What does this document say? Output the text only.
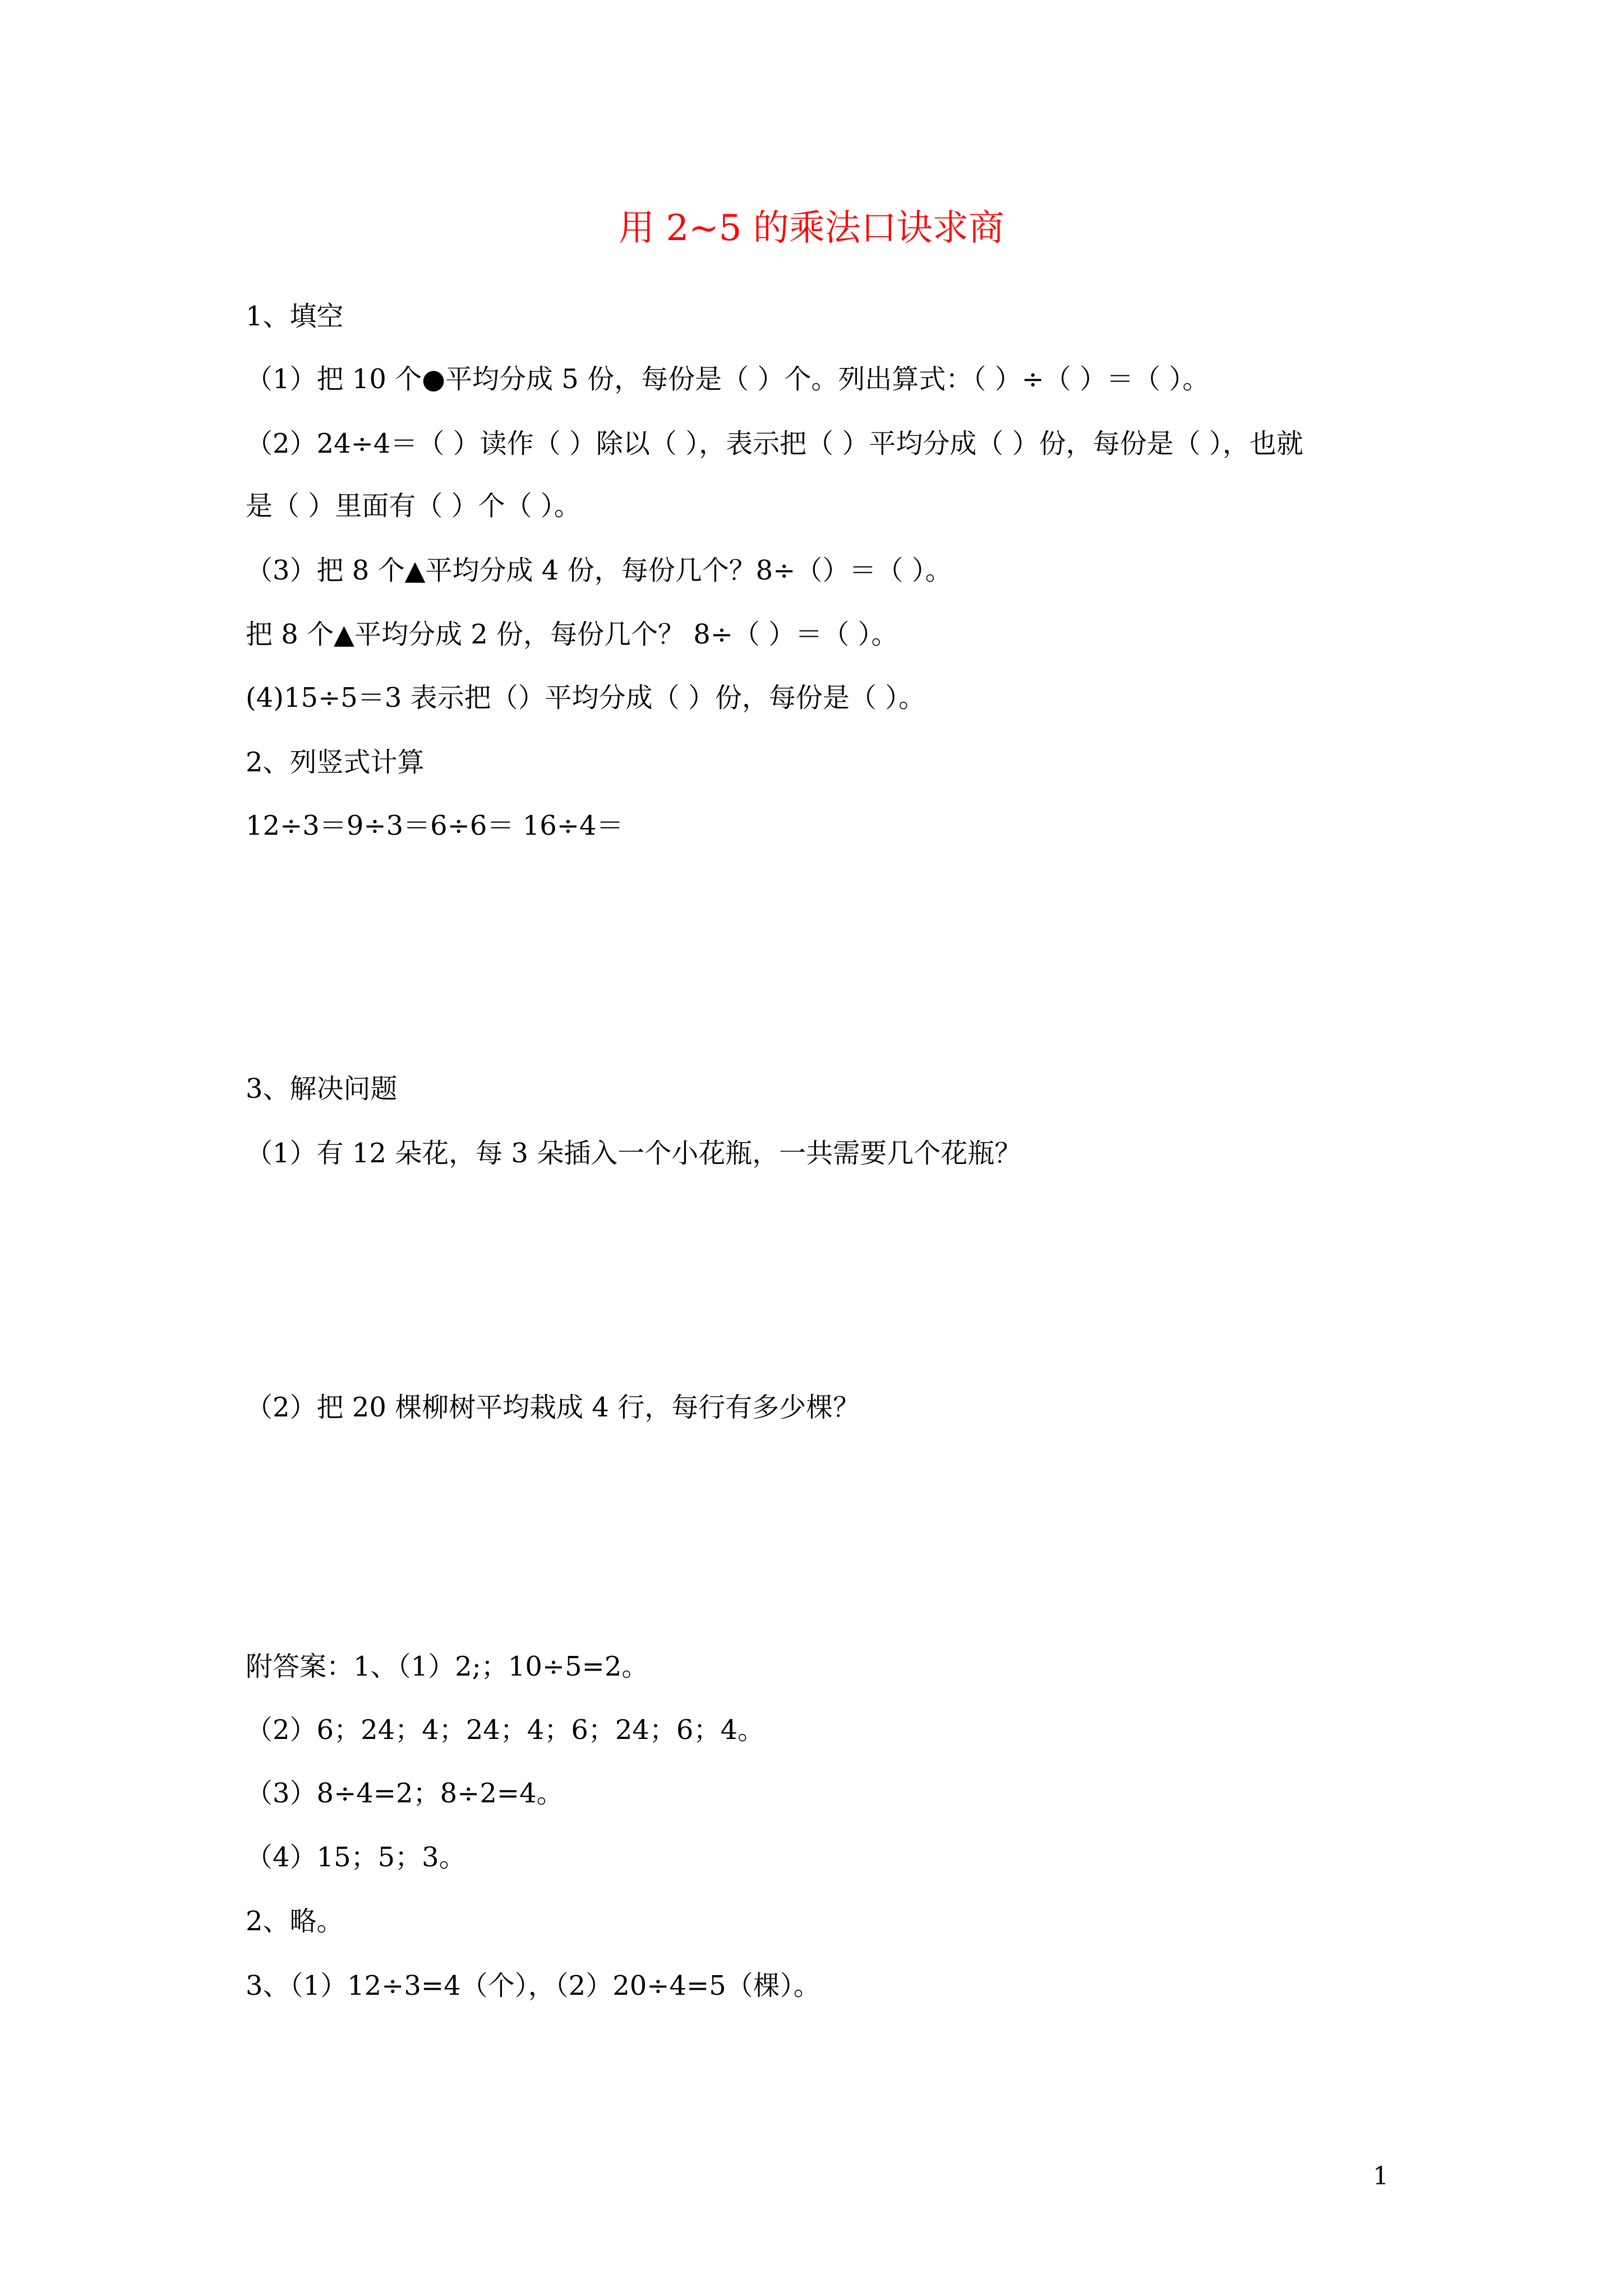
用 2~5 的乘法口诀求商
1、填空
（1）把 10 个●平均分成 5 份，每份是（ ）个。列出算式：（ ）÷（ ）＝（ ）。
（2）24÷4＝（ ）读作（ ）除以（ ），表示把（ ）平均分成（ ）份，每份是（ ），也就
是（ ）里面有（ ）个（ ）。
（3）把 8 个▲平均分成 4 份，每份几个？8÷（）＝（ ）。
把 8 个▲平均分成 2 份，每份几个？ 8÷（ ）＝（ ）。
(4)15÷5＝3 表示把（）平均分成（ ）份，每份是（ ）。
2、列竖式计算
12÷3＝9÷3＝6÷6＝ 16÷4＝
3、解决问题
（1）有 12 朵花，每 3 朵插入一个小花瓶，一共需要几个花瓶？
（2）把 20 棵柳树平均栽成 4 行，每行有多少棵？
附答案：1、（1）2;；10÷5=2。
（2）6；24；4；24；4；6；24；6；4。
（3）8÷4=2；8÷2=4。
（4）15；5；3。
2、略。
3、（1）12÷3=4（个），（2）20÷4=5（棵）。
1
